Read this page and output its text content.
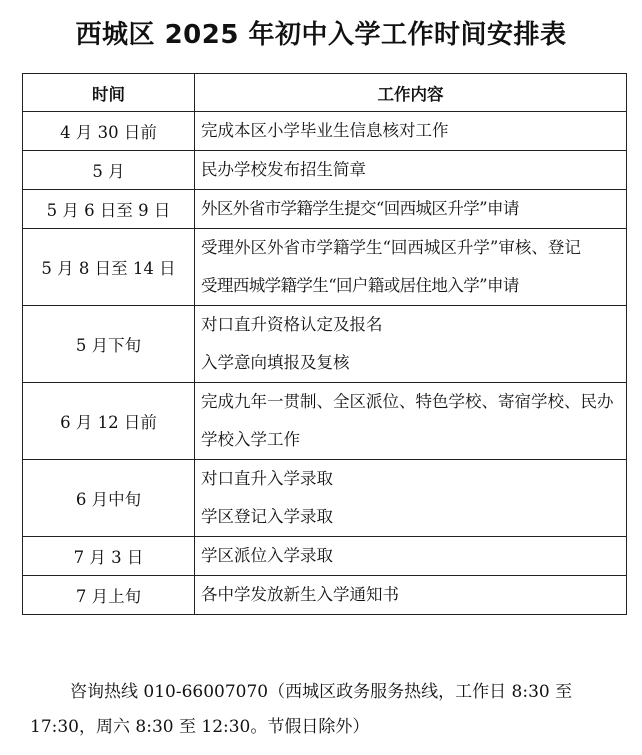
西城区 2025 年初中入学工作时间安排表
时间	工作内容
4 月 30 日前	完成本区小学毕业生信息核对工作

5 月	民办学校发布招生简章

5 月 6 日至 9 日	外区外省市学籍学生提交“回西城区升学”申请

5 月 8 日至 14 日	受理外区外省市学籍学生“回西城区升学”审核、登记
受理西城学籍学生“回户籍或居住地入学”申请

5 月下旬	对口直升资格认定及报名
入学意向填报及复核

6 月 12 日前	完成九年一贯制、全区派位、特色学校、寄宿学校、民办学校入学工作

6 月中旬	对口直升入学录取
学区登记入学录取

7 月 3 日	学区派位入学录取

7 月上旬	各中学发放新生入学通知书
咨询热线 010-66007070（西城区政务服务热线，工作日 8:30 至 17:30，周六 8:30 至 12:30。节假日除外）
